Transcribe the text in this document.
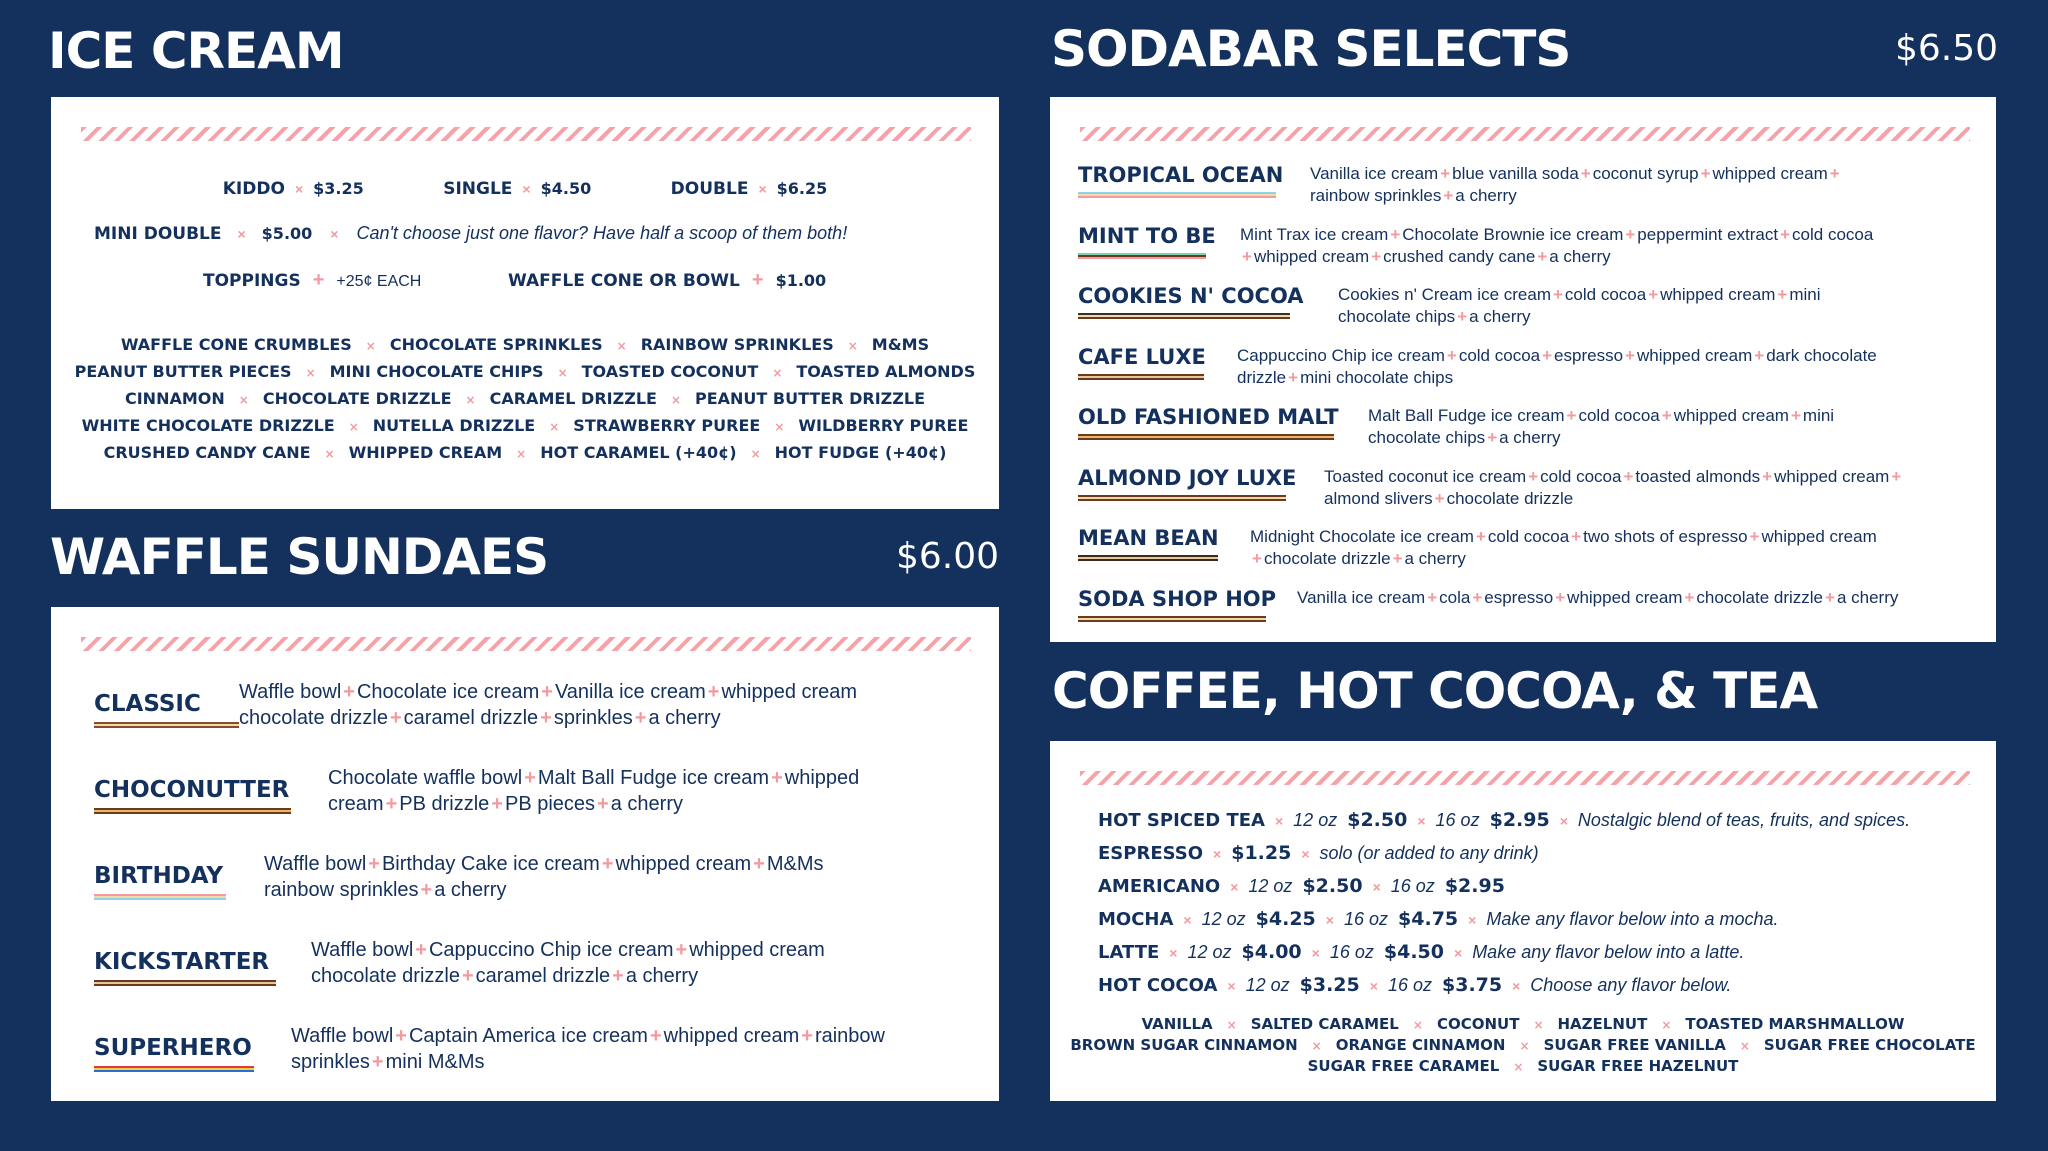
ICE CREAM
KIDDO × $3.25	SINGLE × $4.50	DOUBLE × $6.25
MINI DOUBLE × $5.00 × Can't choose just one flavor? Have half a scoop of them both!
TOPPINGS + +25¢ EACH	WAFFLE CONE OR BOWL + $1.00
WAFFLE CONE CRUMBLES × CHOCOLATE SPRINKLES × RAINBOW SPRINKLES × M&MS
PEANUT BUTTER PIECES × MINI CHOCOLATE CHIPS × TOASTED COCONUT × TOASTED ALMONDS
CINNAMON × CHOCOLATE DRIZZLE × CARAMEL DRIZZLE × PEANUT BUTTER DRIZZLE
WHITE CHOCOLATE DRIZZLE × NUTELLA DRIZZLE × STRAWBERRY PUREE × WILDBERRY PUREE
CRUSHED CANDY CANE × WHIPPED CREAM × HOT CARAMEL (+40¢) × HOT FUDGE (+40¢)
WAFFLE SUNDAES	$6.00
CLASSIC Waffle bowl + Chocolate ice cream + Vanilla ice cream + whipped cream
chocolate drizzle + caramel drizzle + sprinkles + a cherry
CHOCONUTTER Chocolate waffle bowl + Malt Ball Fudge ice cream + whipped
cream + PB drizzle + PB pieces + a cherry
BIRTHDAY Waffle bowl + Birthday Cake ice cream + whipped cream + M&Ms
rainbow sprinkles + a cherry
KICKSTARTER Waffle bowl + Cappuccino Chip ice cream + whipped cream
chocolate drizzle + caramel drizzle + a cherry
SUPERHERO Waffle bowl + Captain America ice cream + whipped cream + rainbow
sprinkles + mini M&Ms
SODABAR SELECTS	$6.50
TROPICAL OCEAN Vanilla ice cream + blue vanilla soda + coconut syrup + whipped cream +
rainbow sprinkles + a cherry
MINT TO BE Mint Trax ice cream + Chocolate Brownie ice cream + peppermint extract + cold cocoa
+ whipped cream + crushed candy cane + a cherry
COOKIES N' COCOA Cookies n' Cream ice cream + cold cocoa + whipped cream + mini
chocolate chips + a cherry
CAFE LUXE Cappuccino Chip ice cream + cold cocoa + espresso + whipped cream + dark chocolate
drizzle + mini chocolate chips
OLD FASHIONED MALT Malt Ball Fudge ice cream + cold cocoa + whipped cream + mini
chocolate chips + a cherry
ALMOND JOY LUXE Toasted coconut ice cream + cold cocoa + toasted almonds + whipped cream +
almond slivers + chocolate drizzle
MEAN BEAN Midnight Chocolate ice cream + cold cocoa + two shots of espresso + whipped cream
+ chocolate drizzle + a cherry
SODA SHOP HOP Vanilla ice cream + cola + espresso + whipped cream + chocolate drizzle + a cherry
COFFEE, HOT COCOA, & TEA
HOT SPICED TEA × 12 oz $2.50 × 16 oz $2.95 × Nostalgic blend of teas, fruits, and spices.
ESPRESSO × $1.25 × solo (or added to any drink)
AMERICANO × 12 oz $2.50 × 16 oz $2.95
MOCHA × 12 oz $4.25 × 16 oz $4.75 × Make any flavor below into a mocha.
LATTE × 12 oz $4.00 × 16 oz $4.50 × Make any flavor below into a latte.
HOT COCOA × 12 oz $3.25 × 16 oz $3.75 × Choose any flavor below.
VANILLA × SALTED CARAMEL × COCONUT × HAZELNUT × TOASTED MARSHMALLOW
BROWN SUGAR CINNAMON × ORANGE CINNAMON × SUGAR FREE VANILLA × SUGAR FREE CHOCOLATE
SUGAR FREE CARAMEL × SUGAR FREE HAZELNUT
